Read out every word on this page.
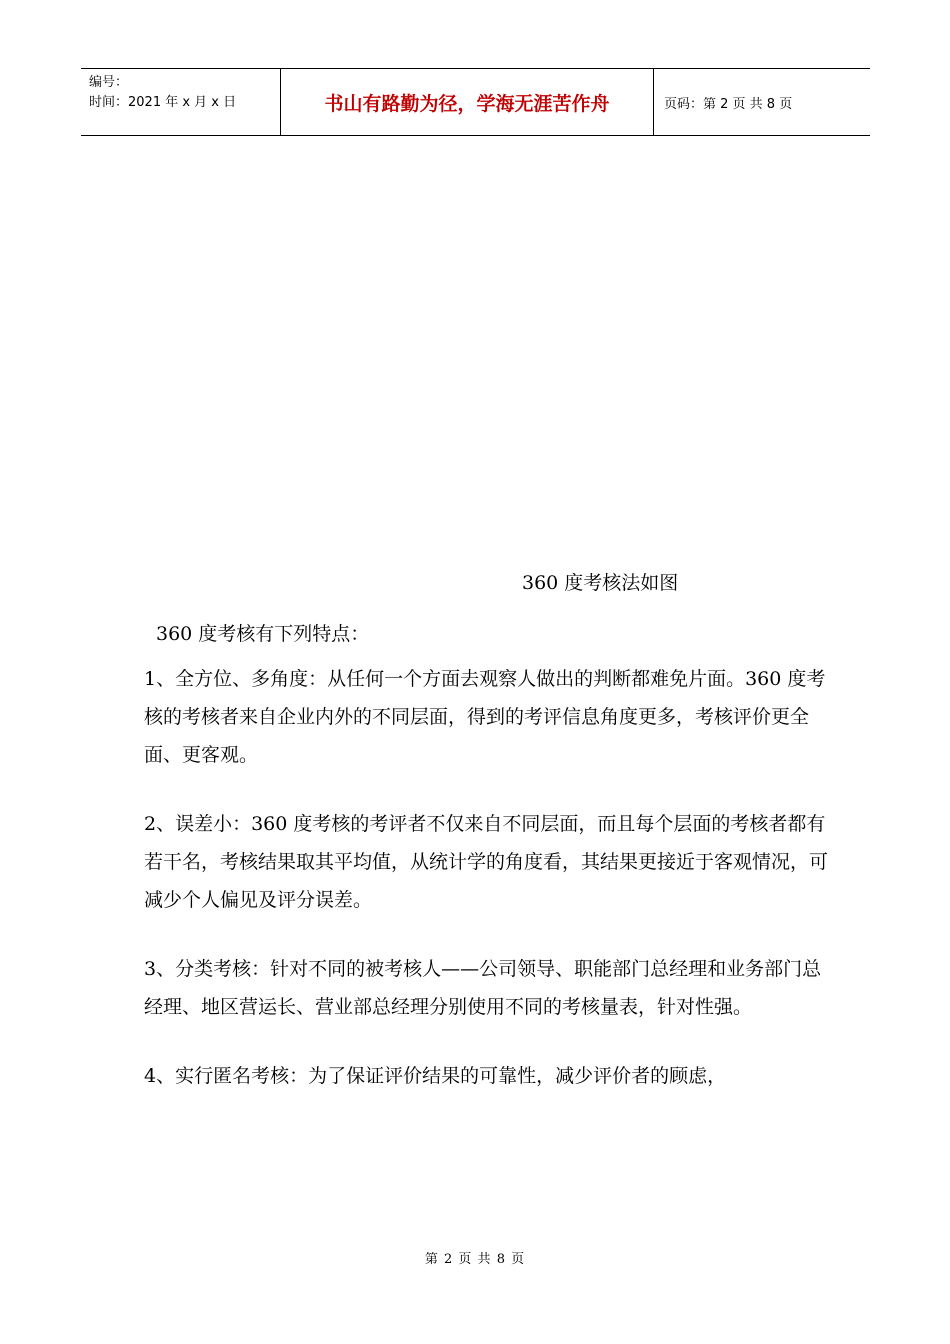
编号：
时间：2021 年 x 月 x 日	书山有路勤为径，学海无涯苦作舟	页码：第 2 页 共 8 页
360 度考核法如图

360 度考核有下列特点：

1、全方位、多角度：从任何一个方面去观察人做出的判断都难免片面。360 度考核的考核者来自企业内外的不同层面，得到的考评信息角度更多，考核评价更全面、更客观。

2、误差小：360 度考核的考评者不仅来自不同层面，而且每个层面的考核者都有若干名，考核结果取其平均值，从统计学的角度看，其结果更接近于客观情况，可减少个人偏见及评分误差。

3、分类考核：针对不同的被考核人——公司领导、职能部门总经理和业务部门总经理、地区营运长、营业部总经理分别使用不同的考核量表，针对性强。

4、实行匿名考核：为了保证评价结果的可靠性，减少评价者的顾虑，

第 2 页 共 8 页
